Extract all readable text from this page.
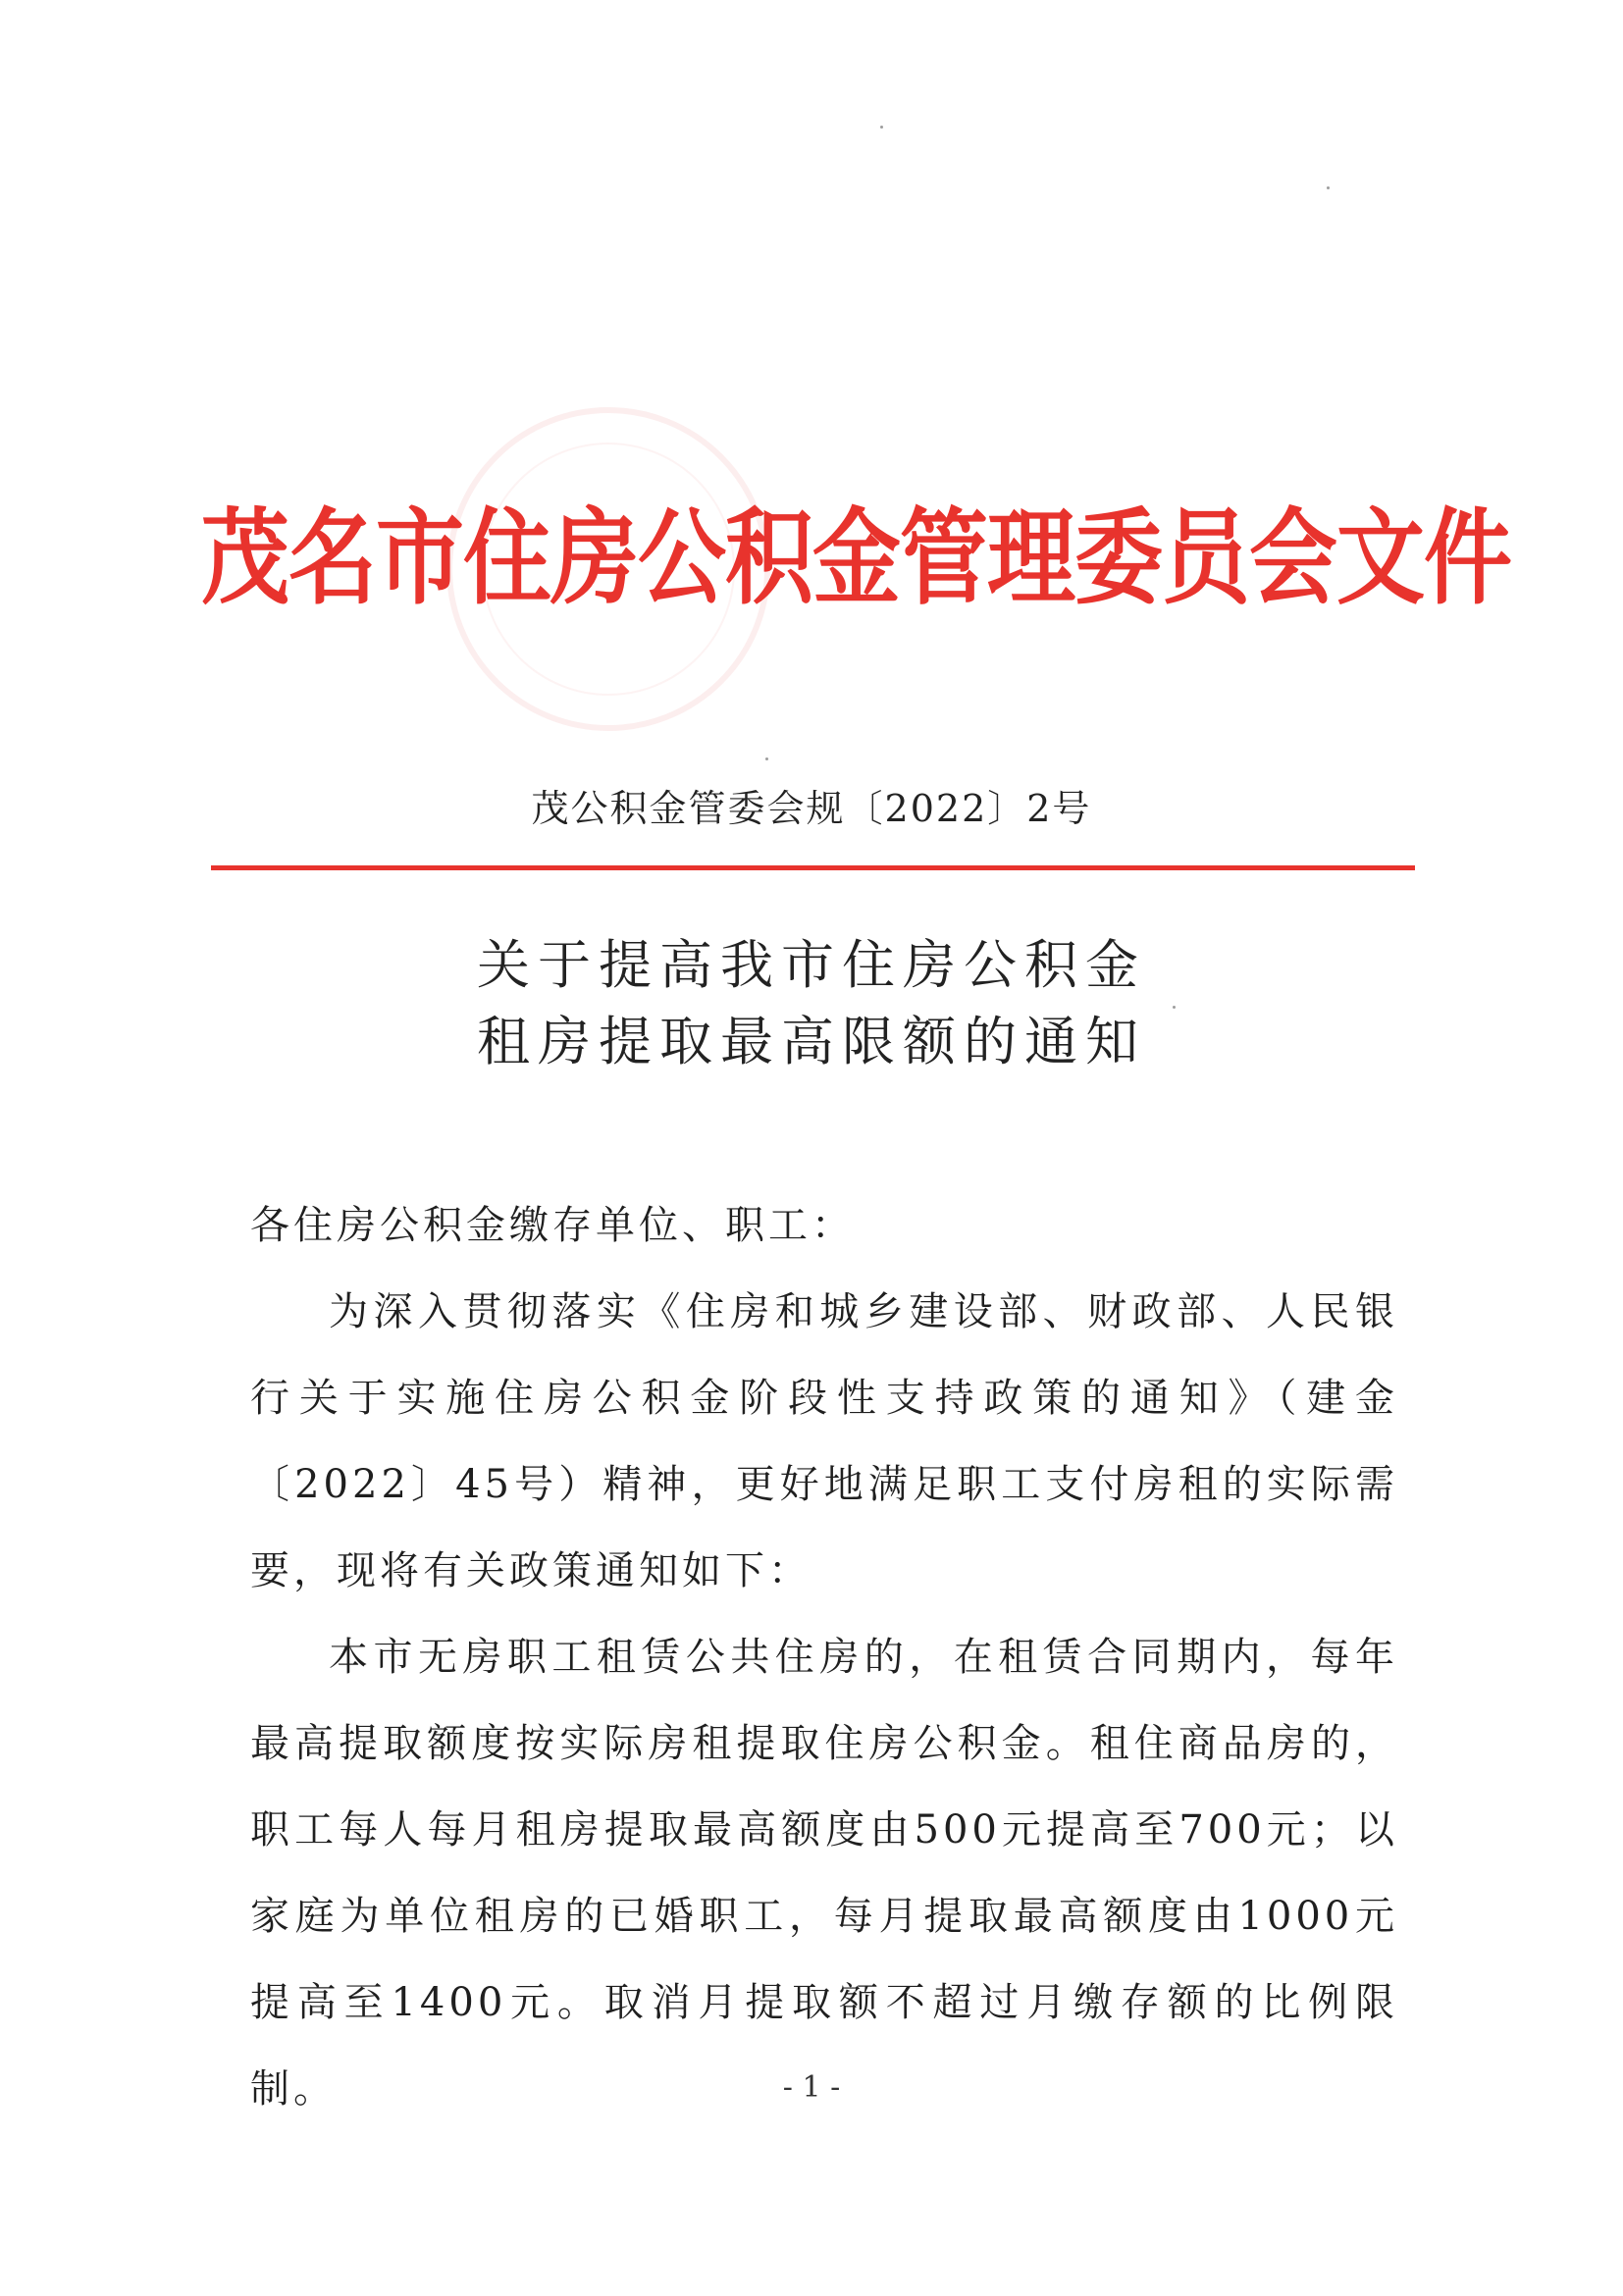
茂名市住房公积金管理委员会文件
茂公积金管委会规〔2022〕2号
关于提高我市住房公积金
租房提取最高限额的通知

各住房公积金缴存单位、职工：

为深入贯彻落实《住房和城乡建设部、财政部、人民银行关于实施住房公积金阶段性支持政策的通知》（建金〔2022〕45号）精神，更好地满足职工支付房租的实际需要，现将有关政策通知如下：

本市无房职工租赁公共住房的，在租赁合同期内，每年最高提取额度按实际房租提取住房公积金。租住商品房的，职工每人每月租房提取最高额度由500元提高至700元；以家庭为单位租房的已婚职工，每月提取最高额度由1000元提高至1400元。取消月提取额不超过月缴存额的比例限制。	- 1 -
